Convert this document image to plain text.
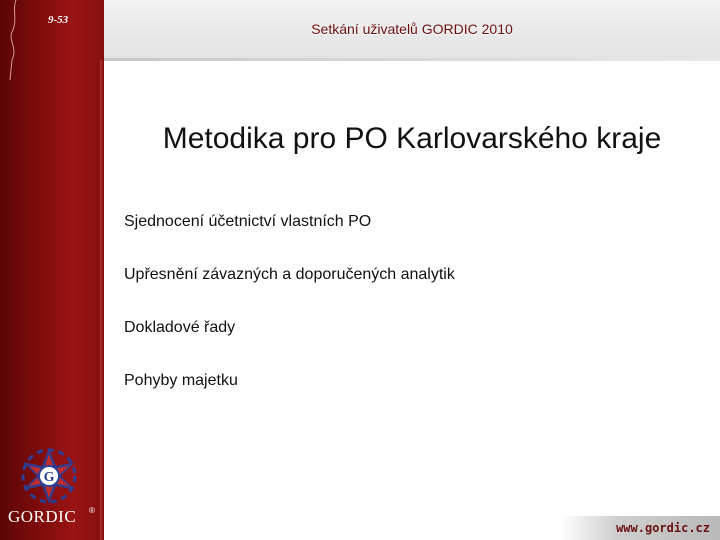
9-53
Setkání uživatelů GORDIC 2010
Metodika pro PO Karlovarského kraje
Sjednocení účetnictví vlastních PO
Upřesnění závazných a doporučených analytik
Dokladové řady
Pohyby majetku
G
GORDIC ®
www.gordic.cz
